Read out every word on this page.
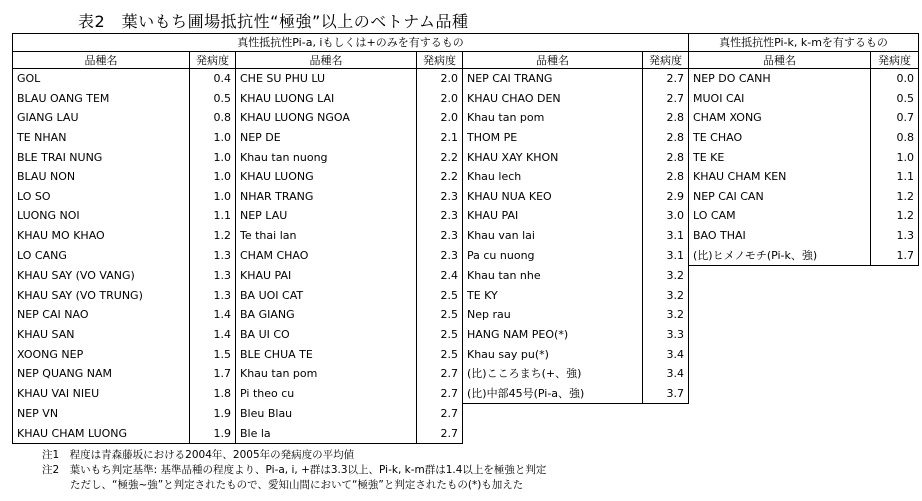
表2　葉いもち圃場抵抗性“極強”以上のベトナム品種
真性抵抗性Pi-a, iもしくは+のみを有するもの						真性抵抗性Pi-k, k-mを有するもの	
品種名	発病度	品種名	発病度	品種名	発病度	品種名	発病度
GOL	0.4	CHE SU PHU LU	2.0	NEP CAI TRANG	2.7	NEP DO CANH	0.0
BLAU OANG TEM	0.5	KHAU LUONG LAI	2.0	KHAU CHAO DEN	2.7	MUOI CAI	0.5
GIANG LAU	0.8	KHAU LUONG NGOA	2.0	Khau tan pom	2.8	CHAM XONG	0.7
TE NHAN	1.0	NEP DE	2.1	THOM PE	2.8	TE CHAO	0.8
BLE TRAI NUNG	1.0	Khau tan nuong	2.2	KHAU XAY KHON	2.8	TE KE	1.0
BLAU NON	1.0	KHAU LUONG	2.2	Khau lech	2.8	KHAU CHAM KEN	1.1
LO SO	1.0	NHAR TRANG	2.3	KHAU NUA KEO	2.9	NEP CAI CAN	1.2
LUONG NOI	1.1	NEP LAU	2.3	KHAU PAI	3.0	LO CAM	1.2
KHAU MO KHAO	1.2	Te thai lan	2.3	Khau van lai	3.1	BAO THAI	1.3
LO CANG	1.3	CHAM CHAO	2.3	Pa cu nuong	3.1	(比)ヒメノモチ(Pi-k、強)	1.7
KHAU SAY (VO VANG)	1.3	KHAU PAI	2.4	Khau tan nhe	3.2		
KHAU SAY (VO TRUNG)	1.3	BA UOI CAT	2.5	TE KY	3.2		
NEP CAI NAO	1.4	BA GIANG	2.5	Nep rau	3.2		
KHAU SAN	1.4	BA UI CO	2.5	HANG NAM PEO(*)	3.3		
XOONG NEP	1.5	BLE CHUA TE	2.5	Khau say pu(*)	3.4		
NEP QUANG NAM	1.7	Khau tan pom	2.7	(比)こころまち(+、強)	3.4		
KHAU VAI NIEU	1.8	Pi theo cu	2.7	(比)中部45号(Pi-a、強)	3.7		
NEP VN	1.9	Bleu Blau	2.7				
KHAU CHAM LUONG	1.9	Ble la	2.7				
注1　程度は青森藤坂における2004年、2005年の発病度の平均値
注2　葉いもち判定基準: 基準品種の程度より、Pi-a, i, +群は3.3以上、Pi-k, k-m群は1.4以上を極強と判定
ただし、“極強~強”と判定されたもので、愛知山間において“極強”と判定されたもの(*)も加えた
